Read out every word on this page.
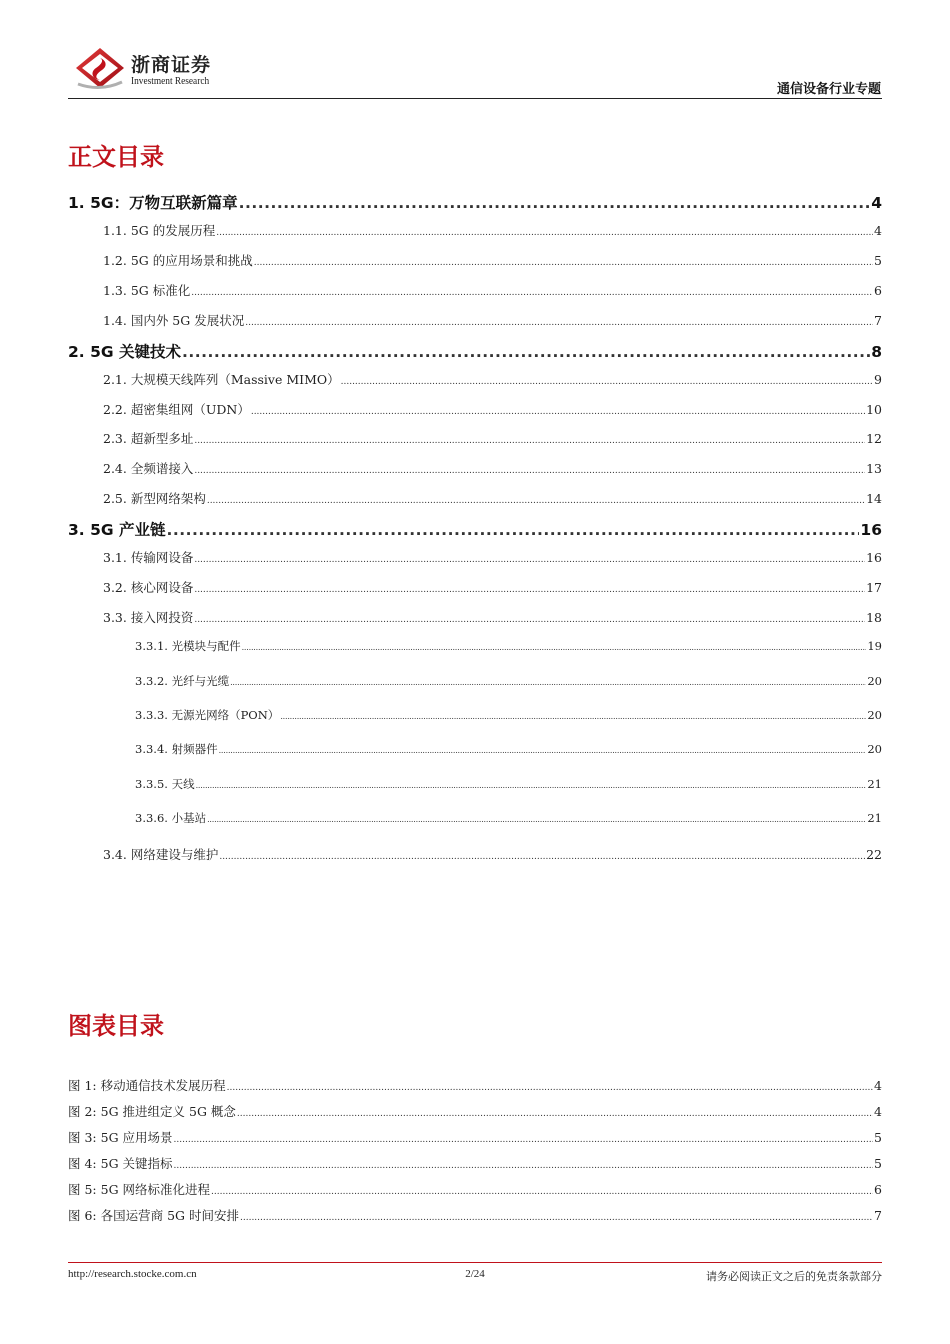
浙商证券
Investment Research
通信设备行业专题
正文目录
1. 5G：万物互联新篇章 .....	4
1.1. 5G 的发展历程 .....	4
1.2. 5G 的应用场景和挑战 .....	5
1.3. 5G 标准化 .....	6
1.4. 国内外 5G 发展状况 .....	7
2. 5G 关键技术 .....	8
2.1. 大规模天线阵列（Massive MIMO） .....	9
2.2. 超密集组网（UDN） .....	10
2.3. 超新型多址 .....	12
2.4. 全频谱接入 .....	13
2.5. 新型网络架构 .....	14
3. 5G 产业链 .....	16
3.1. 传输网设备 .....	16
3.2. 核心网设备 .....	17
3.3. 接入网投资 .....	18
3.3.1. 光模块与配件 .....	19
3.3.2. 光纤与光缆 .....	20
3.3.3. 无源光网络（PON） .....	20
3.3.4. 射频器件 .....	20
3.3.5. 天线 .....	21
3.3.6. 小基站 .....	21
3.4. 网络建设与维护 .....	22
图表目录
图 1: 移动通信技术发展历程 .....	4
图 2: 5G 推进组定义 5G 概念 .....	4
图 3: 5G 应用场景 .....	5
图 4: 5G 关键指标 .....	5
图 5: 5G 网络标准化进程 .....	6
图 6: 各国运营商 5G 时间安排 .....	7
http://research.stocke.com.cn	2/24	请务必阅读正文之后的免责条款部分
